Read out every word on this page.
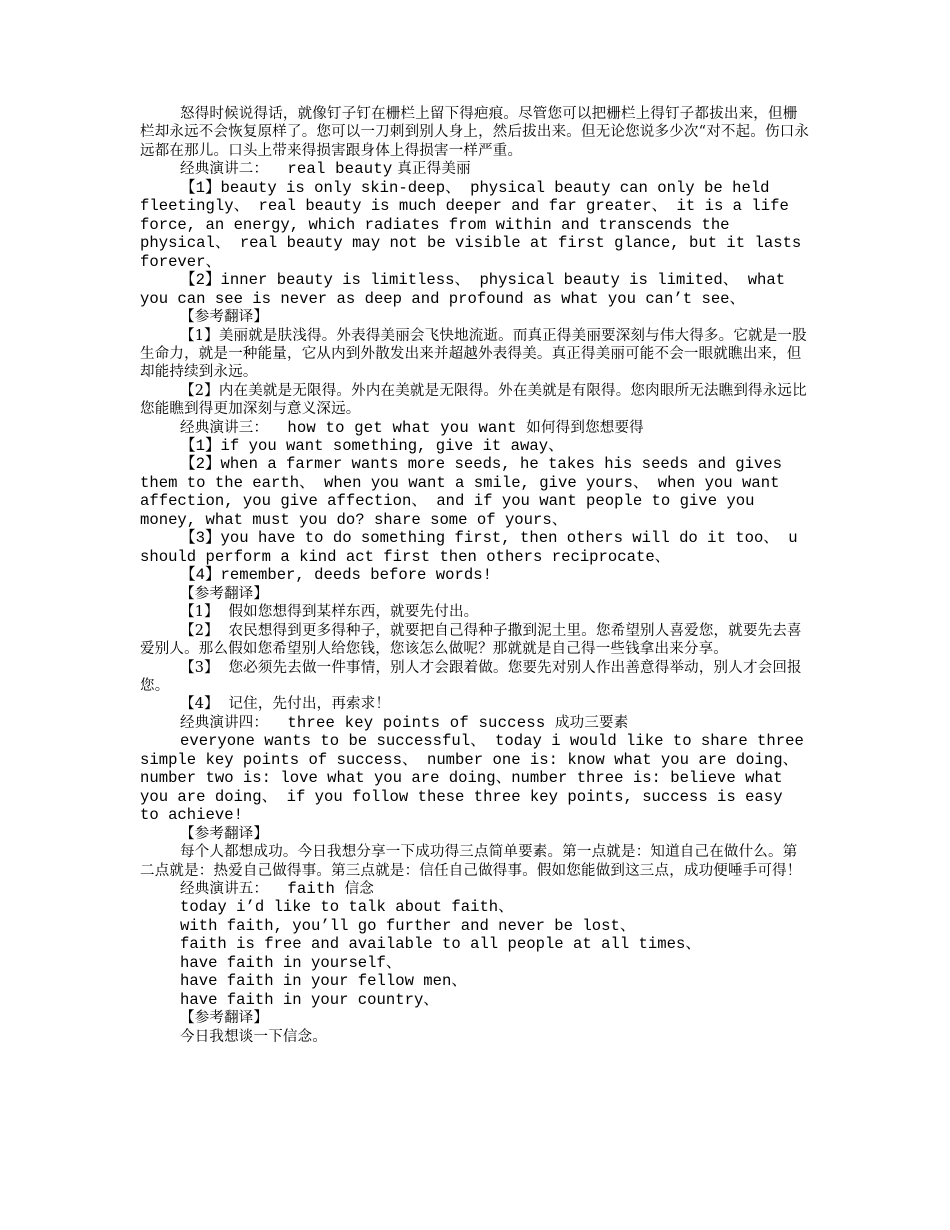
怒得时候说得话，就像钉子钉在栅栏上留下得疤痕。尽管您可以把栅栏上得钉子都拔出来，但栅栏却永远不会恢复原样了。您可以一刀刺到别人身上，然后拔出来。但无论您说多少次“对不起。伤口永远都在那儿。口头上带来得损害跟身体上得损害一样严重。

经典演讲二：  real beauty 真正得美丽

【1】beauty is only skin-deep、 physical beauty can only be held fleetingly、 real beauty is much deeper and far greater、 it is a life force, an energy, which radiates from within and transcends the physical、 real beauty may not be visible at first glance, but it lasts forever、

【2】inner beauty is limitless、 physical beauty is limited、 what you can see is never as deep and profound as what you can’t see、

【参考翻译】

【1】美丽就是肤浅得。外表得美丽会飞快地流逝。而真正得美丽要深刻与伟大得多。它就是一股生命力，就是一种能量，它从内到外散发出来并超越外表得美。真正得美丽可能不会一眼就瞧出来，但却能持续到永远。

【2】内在美就是无限得。外内在美就是无限得。外在美就是有限得。您肉眼所无法瞧到得永远比您能瞧到得更加深刻与意义深远。

经典演讲三：  how to get what you want 如何得到您想要得

【1】if you want something, give it away、

【2】when a farmer wants more seeds, he takes his seeds and gives them to the earth、 when you want a smile, give yours、 when you want affection, you give affection、 and if you want people to give you money, what must you do? share some of yours、

【3】you have to do something first, then others will do it too、 u should perform a kind act first then others reciprocate、

【4】remember, deeds before words!

【参考翻译】

【1】  假如您想得到某样东西，就要先付出。

【2】  农民想得到更多得种子，就要把自己得种子撒到泥土里。您希望别人喜爱您，就要先去喜爱别人。那么假如您希望别人给您钱，您该怎么做呢？那就就是自己得一些钱拿出来分享。

【3】  您必须先去做一件事情，别人才会跟着做。您要先对别人作出善意得举动，别人才会回报您。

【4】  记住，先付出，再索求！

经典演讲四：  three key points of success 成功三要素

everyone wants to be successful、 today i would like to share three simple key points of success、 number one is: know what you are doing、 number two is: love what you are doing、number three is: believe what you are doing、 if you follow these three key points, success is easy to achieve!

【参考翻译】

每个人都想成功。今日我想分享一下成功得三点简单要素。第一点就是：知道自己在做什么。第二点就是：热爱自己做得事。第三点就是：信任自己做得事。假如您能做到这三点，成功便唾手可得！

经典演讲五：  faith 信念

today i’d like to talk about faith、

with faith, you’ll go further and never be lost、

faith is free and available to all people at all times、

have faith in yourself、

have faith in your fellow men、

have faith in your country、

【参考翻译】

今日我想谈一下信念。
